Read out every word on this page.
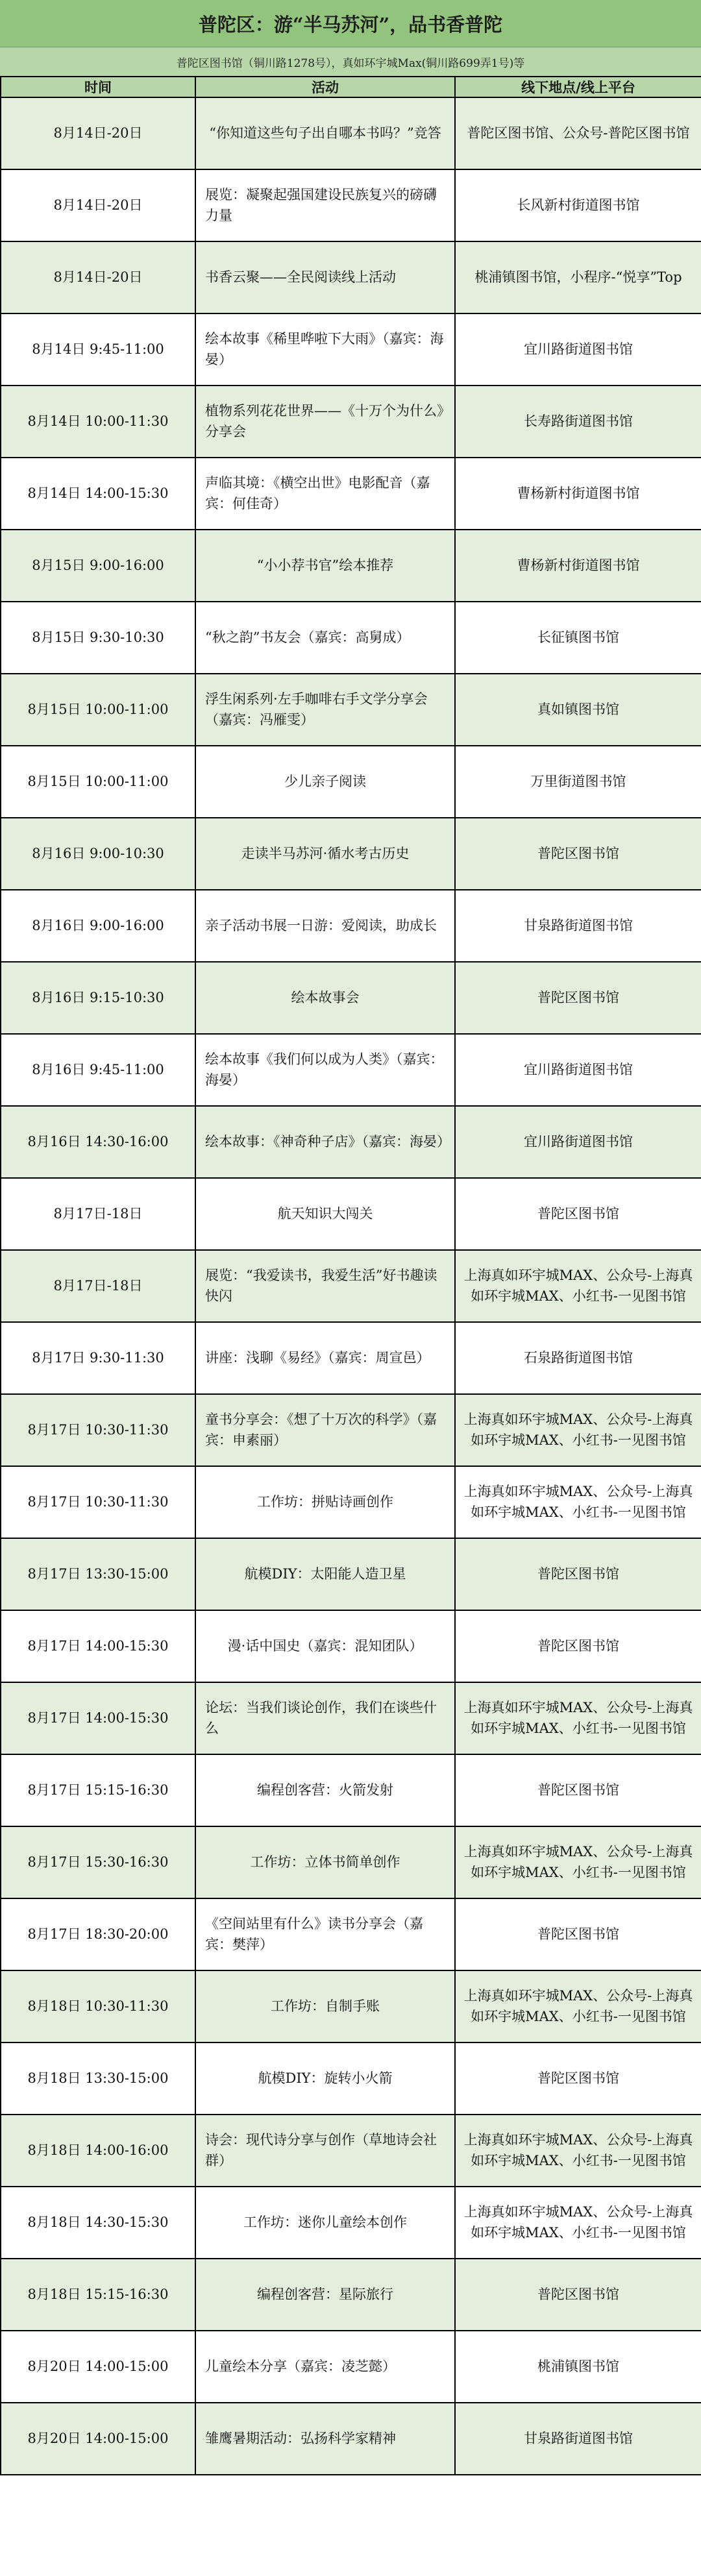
普陀区：游“半马苏河”，品书香普陀
普陀区图书馆（铜川路1278号），真如环宇城Max(铜川路699弄1号)等
时间	活动	线下地点/线上平台
8月14日-20日	“你知道这些句子出自哪本书吗？”竞答	普陀区图书馆、公众号-普陀区图书馆
8月14日-20日	展览：凝聚起强国建设民族复兴的磅礴力量	长风新村街道图书馆
8月14日-20日	书香云聚——全民阅读线上活动	桃浦镇图书馆，小程序-“悦享”Top
8月14日 9:45-11:00	绘本故事《稀里哗啦下大雨》（嘉宾：海晏）	宜川路街道图书馆
8月14日 10:00-11:30	植物系列花花世界——《十万个为什么》分享会	长寿路街道图书馆
8月14日 14:00-15:30	声临其境：《横空出世》电影配音（嘉宾：何佳奇）	曹杨新村街道图书馆
8月15日 9:00-16:00	“小小荐书官”绘本推荐	曹杨新村街道图书馆
8月15日 9:30-10:30	“秋之韵”书友会（嘉宾：高舅成）	长征镇图书馆
8月15日 10:00-11:00	浮生闲系列·左手咖啡右手文学分享会（嘉宾：冯雁雯）	真如镇图书馆
8月15日 10:00-11:00	少儿亲子阅读	万里街道图书馆
8月16日 9:00-10:30	走读半马苏河·循水考古历史	普陀区图书馆
8月16日 9:00-16:00	亲子活动书展一日游：爱阅读，助成长	甘泉路街道图书馆
8月16日 9:15-10:30	绘本故事会	普陀区图书馆
8月16日 9:45-11:00	绘本故事《我们何以成为人类》（嘉宾：海晏）	宜川路街道图书馆
8月16日 14:30-16:00	绘本故事：《神奇种子店》（嘉宾：海晏）	宜川路街道图书馆
8月17日-18日	航天知识大闯关	普陀区图书馆
8月17日-18日	展览：“我爱读书，我爱生活”好书趣读快闪	上海真如环宇城MAX、公众号-上海真如环宇城MAX、小红书-一见图书馆
8月17日 9:30-11:30	讲座：浅聊《易经》（嘉宾：周宣邑）	石泉路街道图书馆
8月17日 10:30-11:30	童书分享会：《想了十万次的科学》（嘉宾：申素丽）	上海真如环宇城MAX、公众号-上海真如环宇城MAX、小红书-一见图书馆
8月17日 10:30-11:30	工作坊：拼贴诗画创作	上海真如环宇城MAX、公众号-上海真如环宇城MAX、小红书-一见图书馆
8月17日 13:30-15:00	航模DIY：太阳能人造卫星	普陀区图书馆
8月17日 14:00-15:30	漫·话中国史（嘉宾：混知团队）	普陀区图书馆
8月17日 14:00-15:30	论坛：当我们谈论创作，我们在谈些什么	上海真如环宇城MAX、公众号-上海真如环宇城MAX、小红书-一见图书馆
8月17日 15:15-16:30	编程创客营：火箭发射	普陀区图书馆
8月17日 15:30-16:30	工作坊：立体书简单创作	上海真如环宇城MAX、公众号-上海真如环宇城MAX、小红书-一见图书馆
8月17日 18:30-20:00	《空间站里有什么》读书分享会（嘉宾：樊萍）	普陀区图书馆
8月18日 10:30-11:30	工作坊：自制手账	上海真如环宇城MAX、公众号-上海真如环宇城MAX、小红书-一见图书馆
8月18日 13:30-15:00	航模DIY：旋转小火箭	普陀区图书馆
8月18日 14:00-16:00	诗会：现代诗分享与创作（草地诗会社群）	上海真如环宇城MAX、公众号-上海真如环宇城MAX、小红书-一见图书馆
8月18日 14:30-15:30	工作坊：迷你儿童绘本创作	上海真如环宇城MAX、公众号-上海真如环宇城MAX、小红书-一见图书馆
8月18日 15:15-16:30	编程创客营：星际旅行	普陀区图书馆
8月20日 14:00-15:00	儿童绘本分享（嘉宾：凌芝懿）	桃浦镇图书馆
8月20日 14:00-15:00	雏鹰暑期活动：弘扬科学家精神	甘泉路街道图书馆
